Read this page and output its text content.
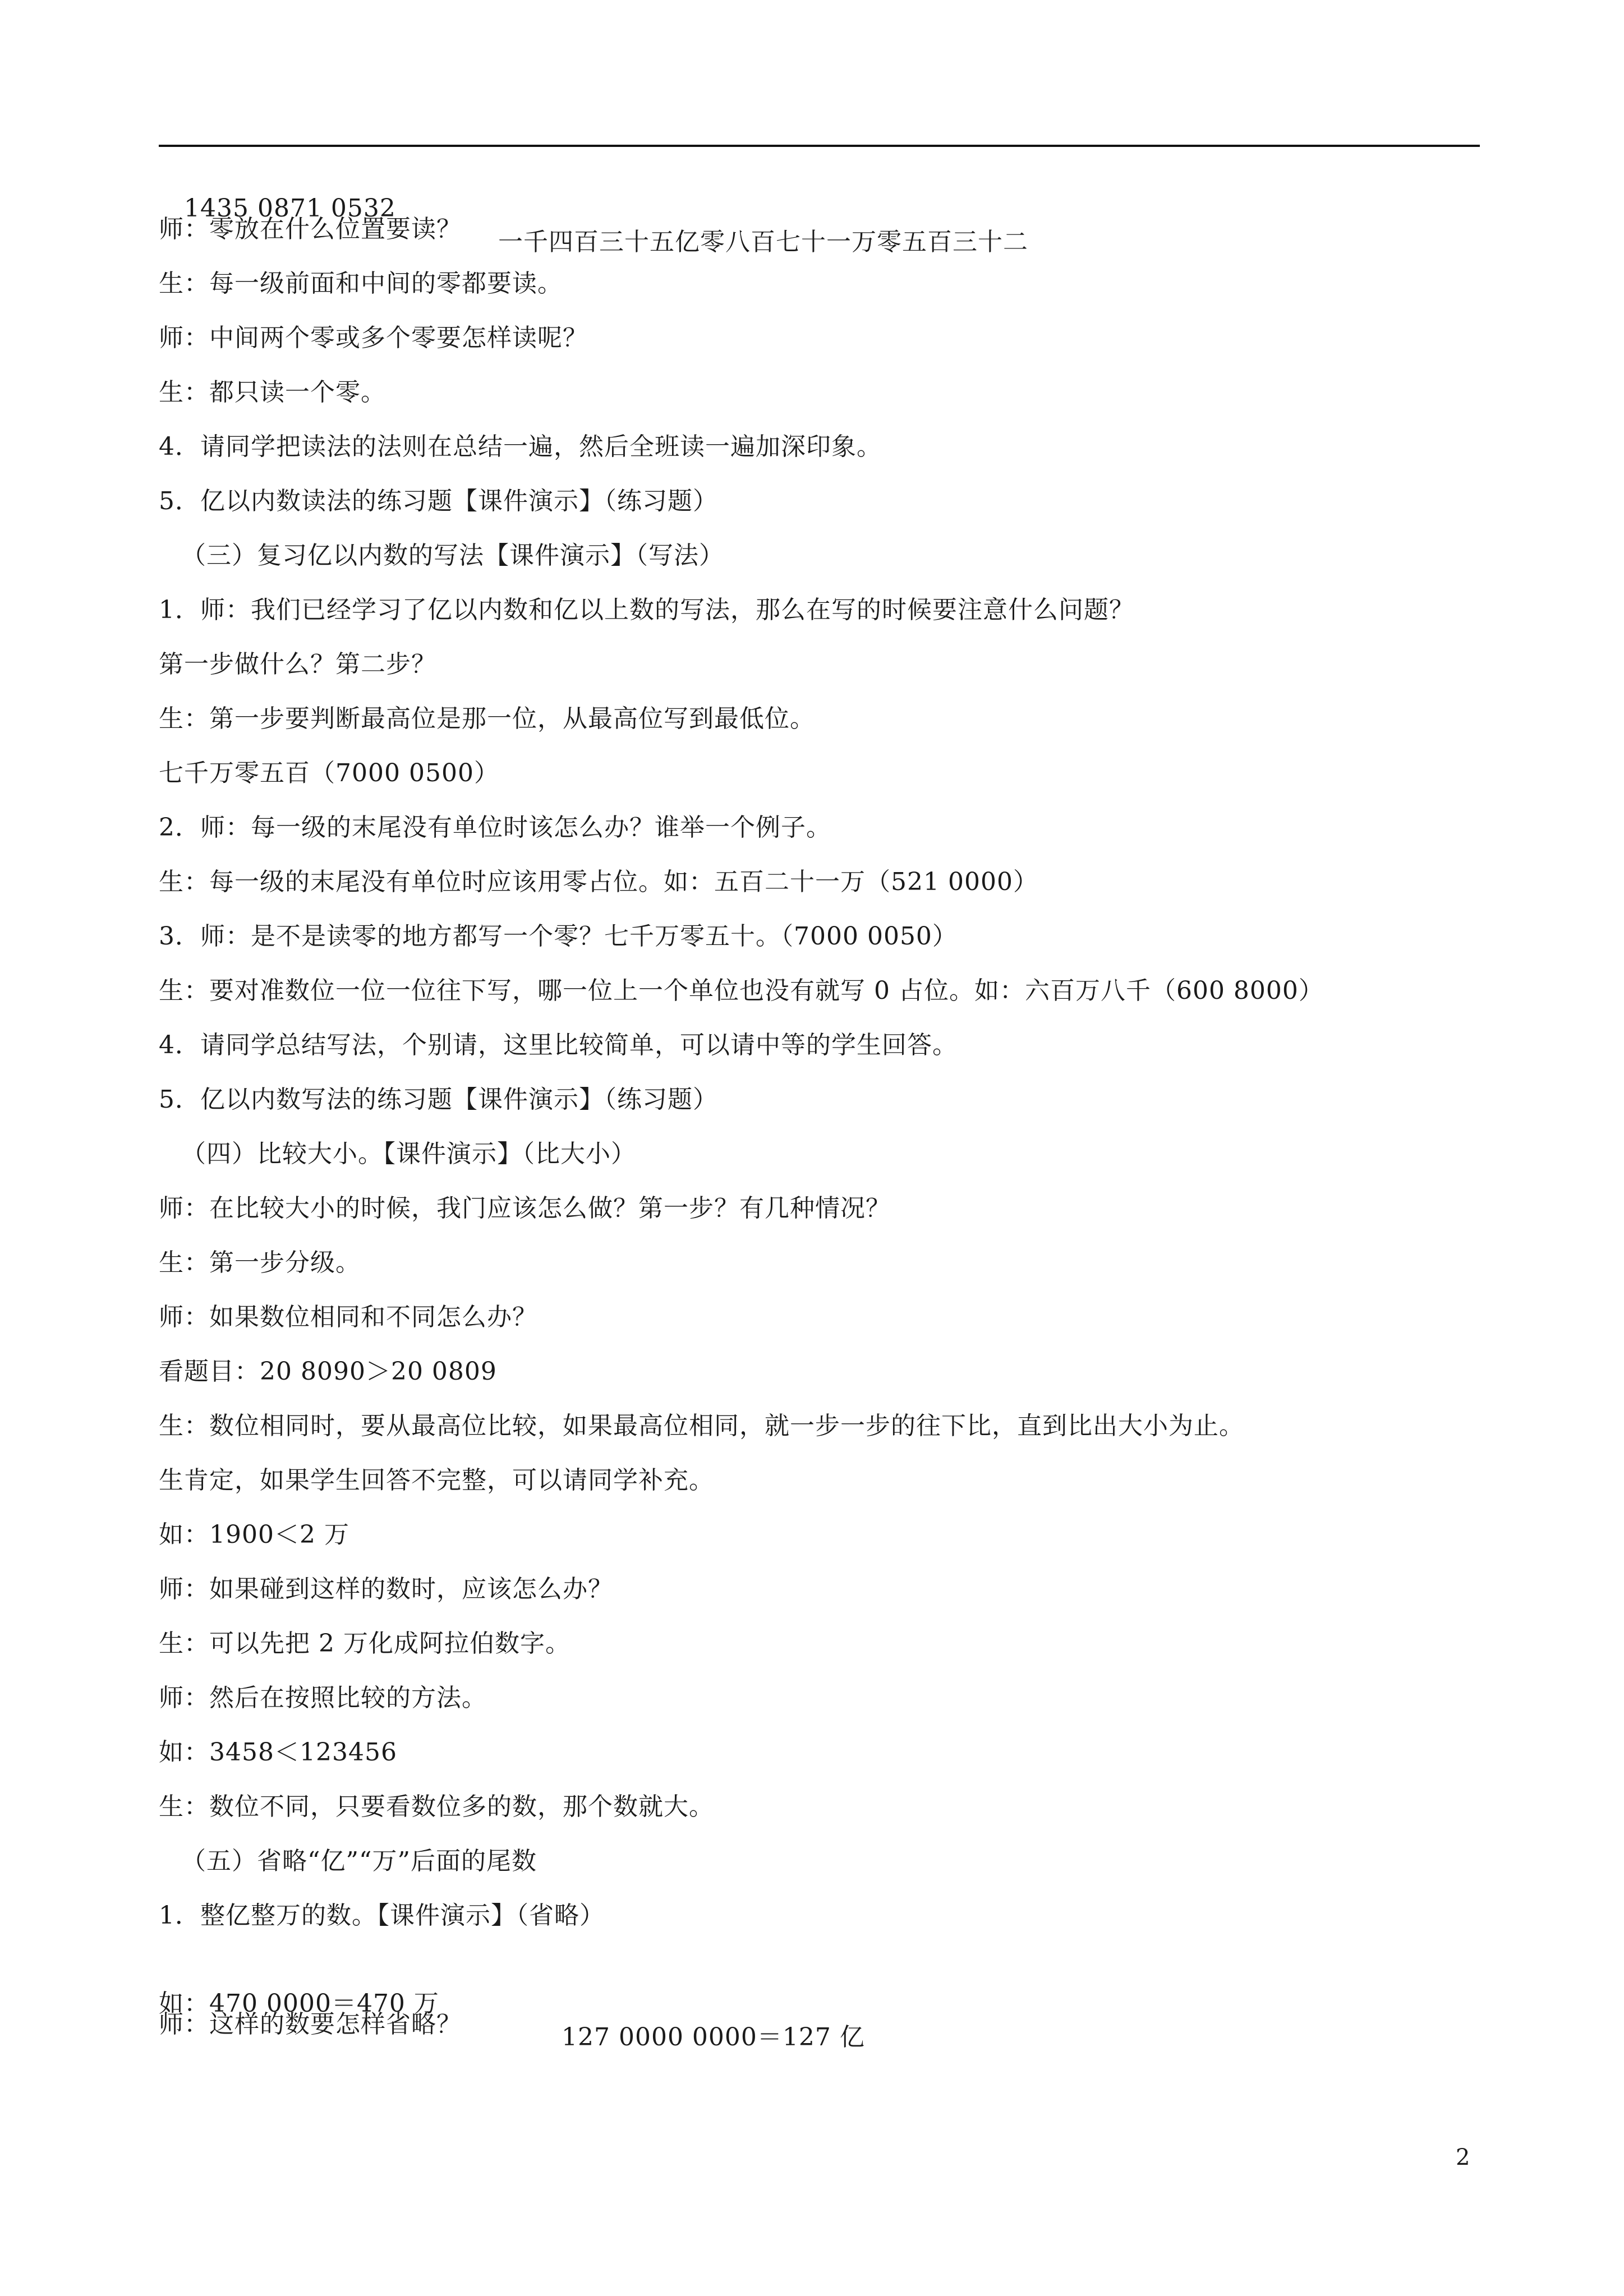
1435 0871 0532

一千四百三十五亿零八百七十一万零五百三十二

师：零放在什么位置要读？
生：每一级前面和中间的零都要读。
师：中间两个零或多个零要怎样读呢？
生：都只读一个零。
4．请同学把读法的法则在总结一遍，然后全班读一遍加深印象。
5．亿以内数读法的练习题【课件演示】（练习题）
（三）复习亿以内数的写法【课件演示】（写法）
1．师：我们已经学习了亿以内数和亿以上数的写法，那么在写的时候要注意什么问题？
第一步做什么？第二步？
生：第一步要判断最高位是那一位，从最高位写到最低位。
七千万零五百（7000 0500）
2．师：每一级的末尾没有单位时该怎么办？谁举一个例子。
生：每一级的末尾没有单位时应该用零占位。如：五百二十一万（521 0000）
3．师：是不是读零的地方都写一个零？七千万零五十。（7000 0050）
生：要对准数位一位一位往下写，哪一位上一个单位也没有就写 0 占位。如：六百万八千（600 8000）
4．请同学总结写法，个别请，这里比较简单，可以请中等的学生回答。
5．亿以内数写法的练习题【课件演示】（练习题）
（四）比较大小。【课件演示】（比大小）
师：在比较大小的时候，我门应该怎么做？第一步？有几种情况？
生：第一步分级。
师：如果数位相同和不同怎么办？
看题目：20 8090＞20 0809
生：数位相同时，要从最高位比较，如果最高位相同，就一步一步的往下比，直到比出大小为止。
生肯定，如果学生回答不完整，可以请同学补充。
如：1900＜2 万
师：如果碰到这样的数时，应该怎么办？
生：可以先把 2 万化成阿拉伯数字。
师：然后在按照比较的方法。
如：3458＜123456
生：数位不同，只要看数位多的数，那个数就大。
（五）省略“亿”“万”后面的尾数
1．整亿整万的数。【课件演示】（省略）

如：470 0000＝470 万

127 0000 0000＝127 亿

师：这样的数要怎样省略？
2
